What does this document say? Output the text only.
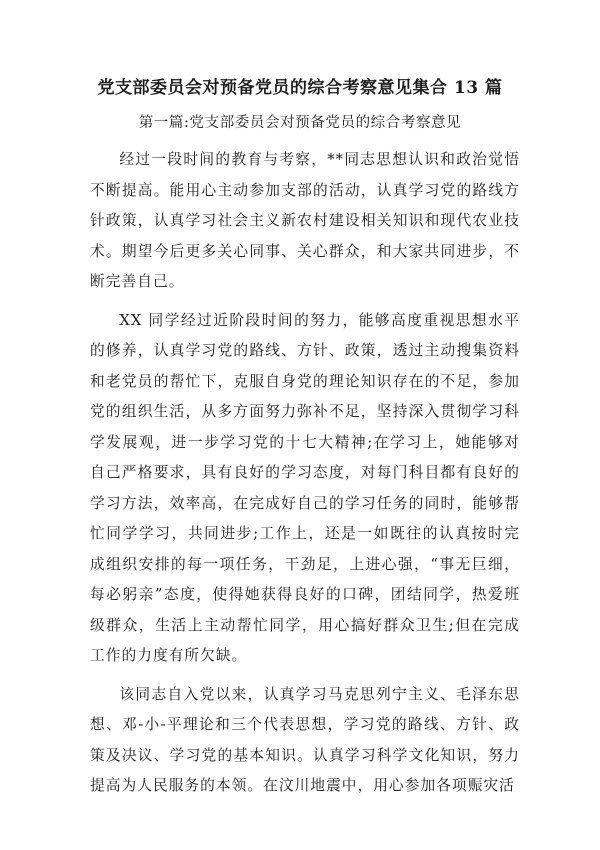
党支部委员会对预备党员的综合考察意见集合 13 篇
第一篇:党支部委员会对预备党员的综合考察意见

经过一段时间的教育与考察，**同志思想认识和政治觉悟不断提高。能用心主动参加支部的活动，认真学习党的路线方针政策，认真学习社会主义新农村建设相关知识和现代农业技术。期望今后更多关心同事、关心群众，和大家共同进步，不断完善自己。

XX 同学经过近阶段时间的努力，能够高度重视思想水平的修养，认真学习党的路线、方针、政策，透过主动搜集资料和老党员的帮忙下，克服自身党的理论知识存在的不足，参加党的组织生活，从多方面努力弥补不足，坚持深入贯彻学习科学发展观，进一步学习党的十七大精神;在学习上，她能够对自己严格要求，具有良好的学习态度，对每门科目都有良好的学习方法，效率高，在完成好自己的学习任务的同时，能够帮忙同学学习，共同进步;工作上，还是一如既往的认真按时完成组织安排的每一项任务，干劲足，上进心强，“事无巨细，每必躬亲”态度，使得她获得良好的口碑，团结同学，热爱班级群众，生活上主动帮忙同学，用心搞好群众卫生;但在完成工作的力度有所欠缺。

该同志自入党以来，认真学习马克思列宁主义、毛泽东思想、邓-小-平理论和三个代表思想，学习党的路线、方针、政策及决议、学习党的基本知识。认真学习科学文化知识，努力提高为人民服务的本领。在汶川地震中，用心参加各项赈灾活
